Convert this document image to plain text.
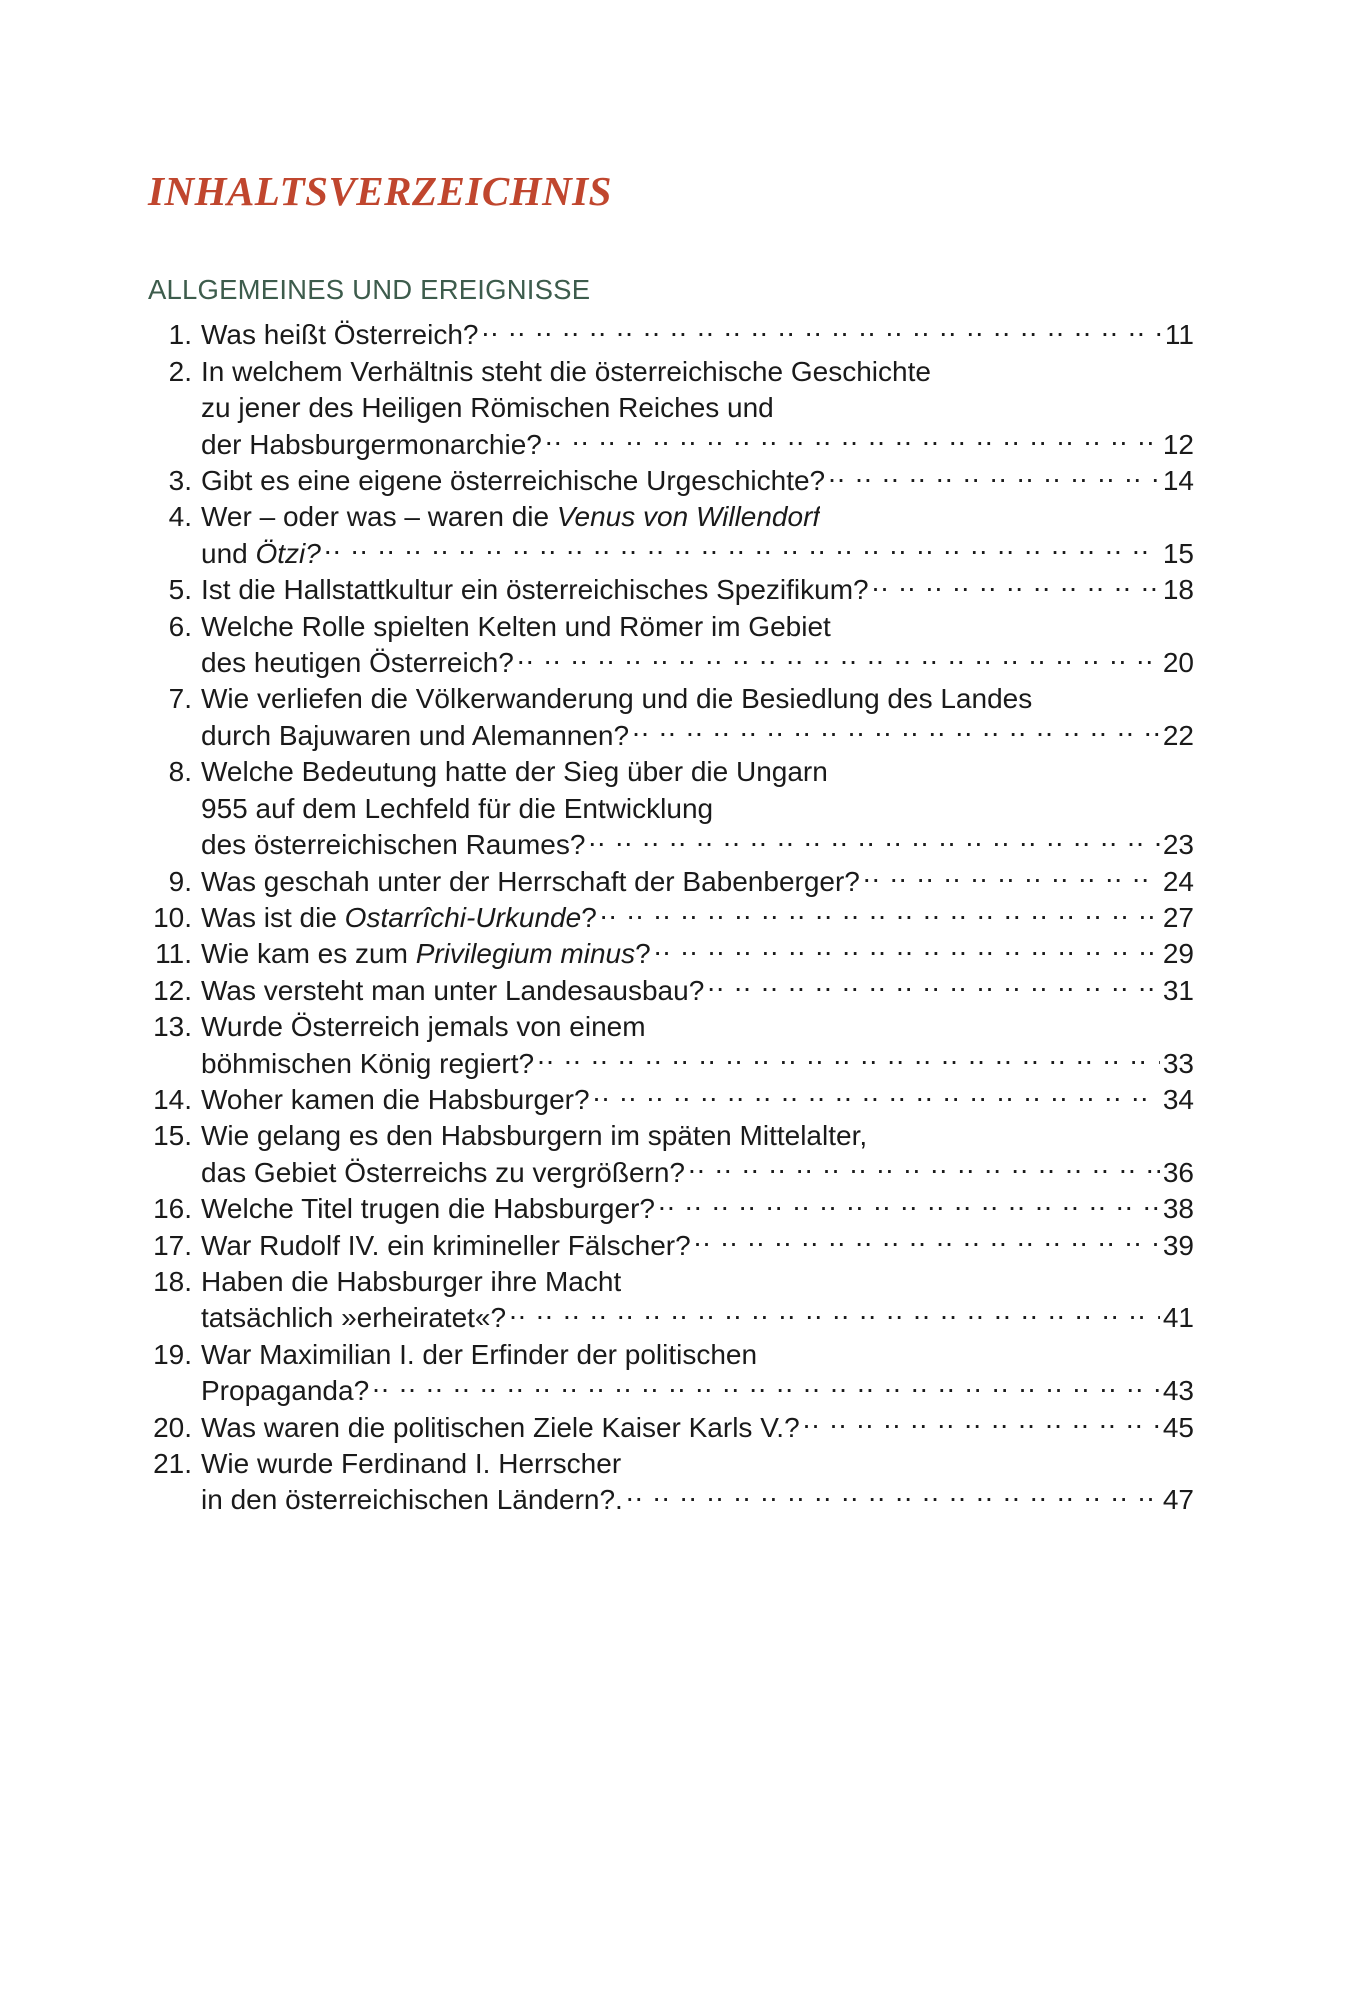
INHALTSVERZEICHNIS
ALLGEMEINES UND EREIGNISSE
1. Was heißt Österreich? .. ..	11
2. In welchem Verhältnis steht die österreichische Geschichte
zu jener des Heiligen Römischen Reiches und
der Habsburgermonarchie? .. ..	12
3. Gibt es eine eigene österreichische Urgeschichte? .. ..	14
4. Wer – oder was – waren die Venus von Willendorf
und Ötzi? .. ..	15
5. Ist die Hallstattkultur ein österreichisches Spezifikum? .. ..	18
6. Welche Rolle spielten Kelten und Römer im Gebiet
des heutigen Österreich? .. ..	20
7. Wie verliefen die Völkerwanderung und die Besiedlung des Landes
durch Bajuwaren und Alemannen? .. ..	22
8. Welche Bedeutung hatte der Sieg über die Ungarn
955 auf dem Lechfeld für die Entwicklung
des österreichischen Raumes? .. ..	23
9. Was geschah unter der Herrschaft der Babenberger? .. ..	24
10. Was ist die Ostarrîchi-Urkunde? .. ..	27
11. Wie kam es zum Privilegium minus? .. ..	29
12. Was versteht man unter Landesausbau? .. ..	31
13. Wurde Österreich jemals von einem
böhmischen König regiert? .. ..	33
14. Woher kamen die Habsburger? .. ..	34
15. Wie gelang es den Habsburgern im späten Mittelalter,
das Gebiet Österreichs zu vergrößern? .. ..	36
16. Welche Titel trugen die Habsburger? .. ..	38
17. War Rudolf IV. ein krimineller Fälscher? .. ..	39
18. Haben die Habsburger ihre Macht
tatsächlich »erheiratet«? .. ..	41
19. War Maximilian I. der Erfinder der politischen
Propaganda? .. ..	43
20. Was waren die politischen Ziele Kaiser Karls V.? .. ..	45
21. Wie wurde Ferdinand I. Herrscher
in den österreichischen Ländern?. .. ..	47
